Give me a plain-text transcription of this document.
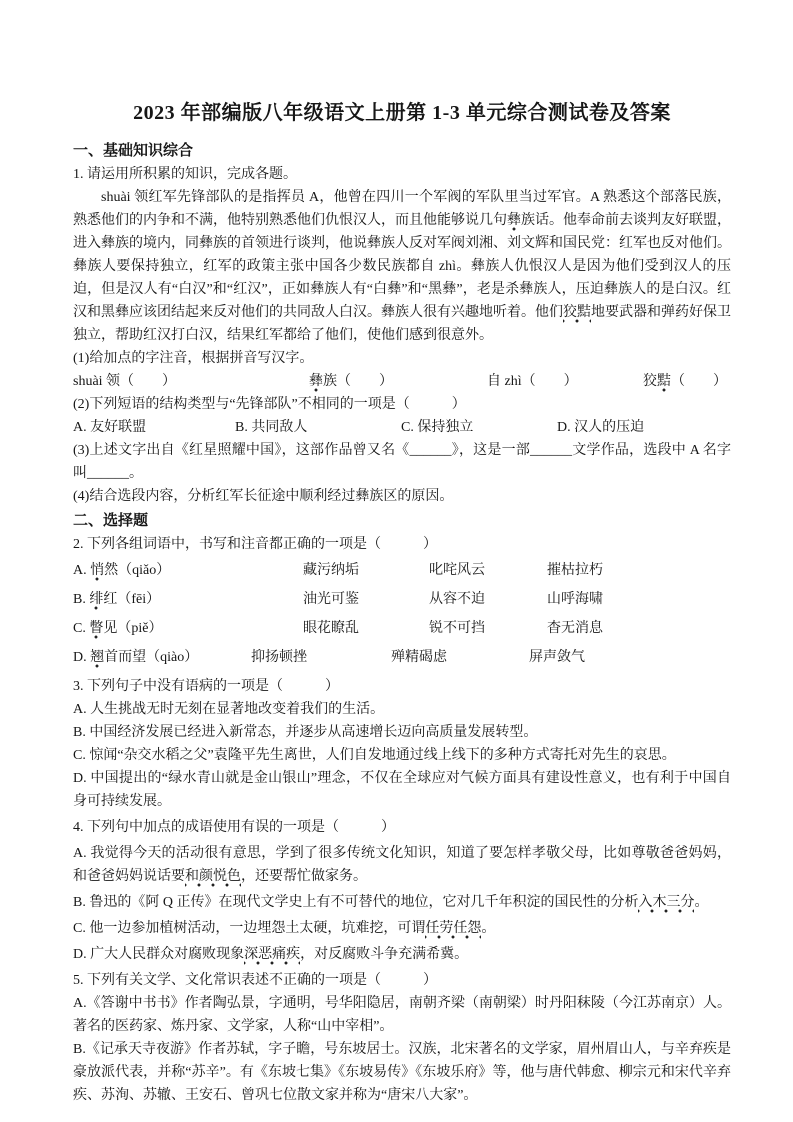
2023 年部编版八年级语文上册第 1-3 单元综合测试卷及答案
一、基础知识综合

1. 请运用所积累的知识，完成各题。

shuài 领红军先锋部队的是指挥员 A，他曾在四川一个军阀的军队里当过军官。A 熟悉这个部落民族，熟悉他们的内争和不满，他特别熟悉他们仇恨汉人，而且他能够说几句彝族话。他奉命前去谈判友好联盟，进入彝族的境内，同彝族的首领进行谈判，他说彝族人反对军阀刘湘、刘文辉和国民党：红军也反对他们。彝族人要保持独立，红军的政策主张中国各少数民族都自 zhì。彝族人仇恨汉人是因为他们受到汉人的压迫，但是汉人有“白汉”和“红汉”，正如彝族人有“白彝”和“黑彝”，老是杀彝族人，压迫彝族人的是白汉。红汉和黑彝应该团结起来反对他们的共同敌人白汉。彝族人很有兴趣地听着。他们狡黠地要武器和弹药好保卫独立，帮助红汉打白汉，结果红军都给了他们，使他们感到很意外。

(1)给加点的字注音，根据拼音写汉字。

shuài 领（　　）	彝族（　　）	自 zhì（　　）	狡黠（　　）

(2)下列短语的结构类型与“先锋部队”不相同的一项是（　　　）

A. 友好联盟	B. 共同敌人	C. 保持独立	D. 汉人的压迫

(3)上述文字出自《红星照耀中国》，这部作品曾又名《______》，这是一部______文学作品，选段中 A 名字叫______。

(4)结合选段内容，分析红军长征途中顺利经过彝族区的原因。

二、选择题

2. 下列各组词语中，书写和注音都正确的一项是（　　　）

A. 悄然（qiǎo）	藏污纳垢	叱咤风云	摧枯拉朽
B. 绯红（fēi）	油光可鉴	从容不迫	山呼海啸
C. 瞥见（piě）	眼花瞭乱	锐不可挡	杳无消息
D. 翘首而望（qiào）	抑扬顿挫	殚精碣虑	屏声敛气

3. 下列句子中没有语病的一项是（　　　）

A. 人生挑战无时无刻在显著地改变着我们的生活。

B. 中国经济发展已经进入新常态，并逐步从高速增长迈向高质量发展转型。

C. 惊闻“杂交水稻之父”袁隆平先生离世，人们自发地通过线上线下的多种方式寄托对先生的哀思。

D. 中国提出的“绿水青山就是金山银山”理念，不仅在全球应对气候方面具有建设性意义，也有利于中国自身可持续发展。

4. 下列句中加点的成语使用有误的一项是（　　　）

A. 我觉得今天的活动很有意思，学到了很多传统文化知识，知道了要怎样孝敬父母，比如尊敬爸爸妈妈，和爸爸妈妈说话要和颜悦色，还要帮忙做家务。

B. 鲁迅的《阿 Q 正传》在现代文学史上有不可替代的地位，它对几千年积淀的国民性的分析入木三分。

C. 他一边参加植树活动，一边埋怨土太硬，坑难挖，可谓任劳任怨。

D. 广大人民群众对腐败现象深恶痛疾，对反腐败斗争充满希冀。

5. 下列有关文学、文化常识表述不正确的一项是（　　　）

A.《答谢中书书》作者陶弘景，字通明，号华阳隐居，南朝齐梁（南朝梁）时丹阳秣陵（今江苏南京）人。著名的医药家、炼丹家、文学家，人称“山中宰相”。

B.《记承天寺夜游》作者苏轼，字子瞻，号东坡居士。汉族，北宋著名的文学家，眉州眉山人，与辛弃疾是豪放派代表，并称“苏辛”。有《东坡七集》《东坡易传》《东坡乐府》等，他与唐代韩愈、柳宗元和宋代辛弃疾、苏洵、苏辙、王安石、曾巩七位散文家并称为“唐宋八大家”。
